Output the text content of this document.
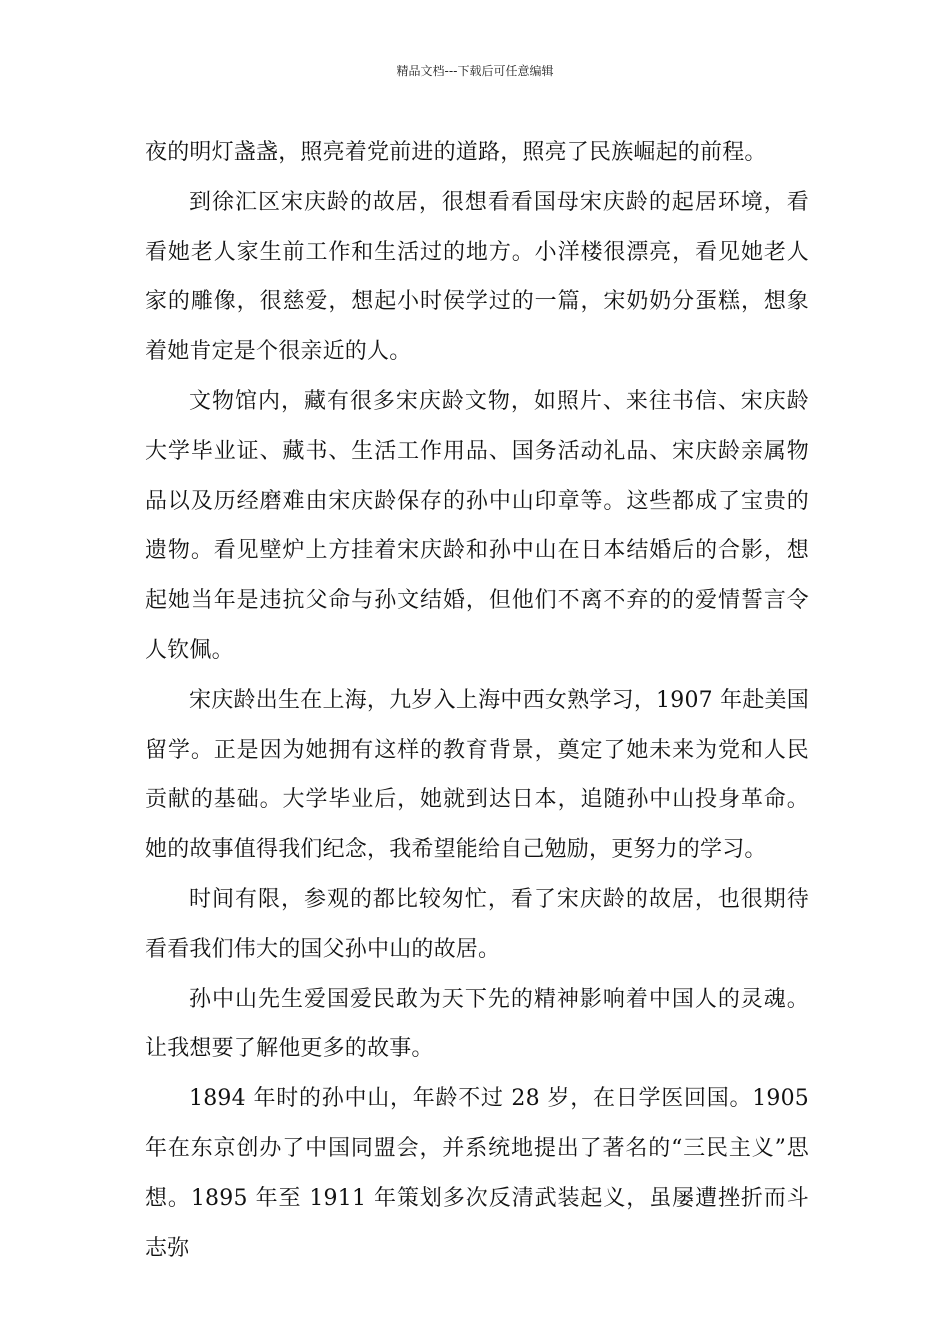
精品文档---下载后可任意编辑

夜的明灯盏盏，照亮着党前进的道路，照亮了民族崛起的前程。

到徐汇区宋庆龄的故居，很想看看国母宋庆龄的起居环境，看看她老人家生前工作和生活过的地方。小洋楼很漂亮，看见她老人家的雕像，很慈爱，想起小时侯学过的一篇，宋奶奶分蛋糕，想象着她肯定是个很亲近的人。

文物馆内，藏有很多宋庆龄文物，如照片、来往书信、宋庆龄大学毕业证、藏书、生活工作用品、国务活动礼品、宋庆龄亲属物品以及历经磨难由宋庆龄保存的孙中山印章等。这些都成了宝贵的遗物。看见壁炉上方挂着宋庆龄和孙中山在日本结婚后的合影，想起她当年是违抗父命与孙文结婚，但他们不离不弃的的爱情誓言令人钦佩。

宋庆龄出生在上海，九岁入上海中西女熟学习，1907 年赴美国留学。正是因为她拥有这样的教育背景，奠定了她未来为党和人民贡献的基础。大学毕业后，她就到达日本，追随孙中山投身革命。她的故事值得我们纪念，我希望能给自己勉励，更努力的学习。

时间有限，参观的都比较匆忙，看了宋庆龄的故居，也很期待看看我们伟大的国父孙中山的故居。

孙中山先生爱国爱民敢为天下先的精神影响着中国人的灵魂。让我想要了解他更多的故事。

1894 年时的孙中山，年龄不过 28 岁，在日学医回国。1905 年在东京创办了中国同盟会，并系统地提出了著名的“三民主义”思想。1895 年至 1911 年策划多次反清武装起义，虽屡遭挫折而斗志弥
